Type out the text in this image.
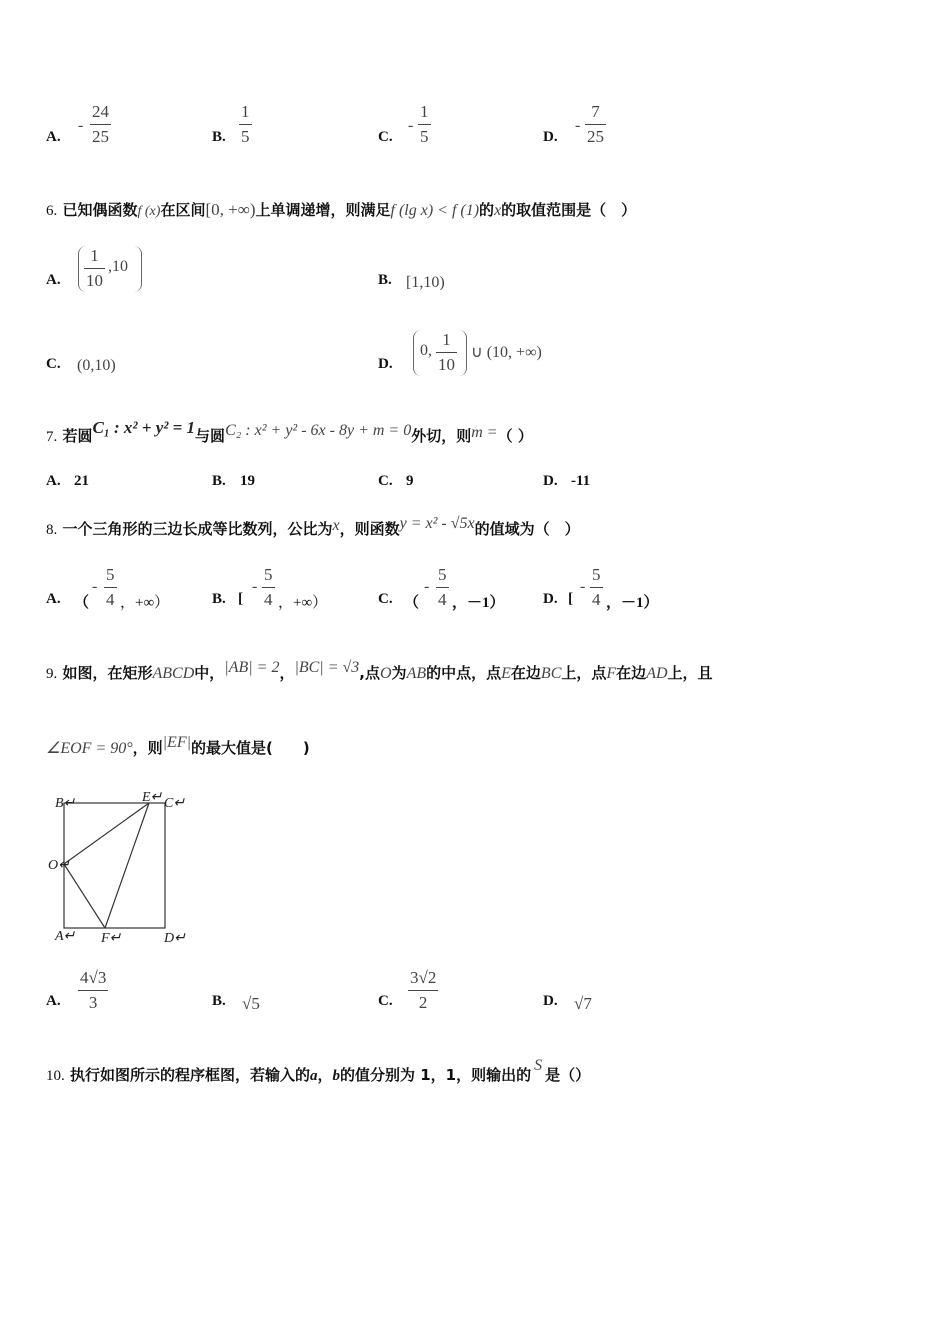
A.
-
24
25	B.
1
5	C.
-
1
5	D.
-
7
25
6. 已知偶函数f (x)在区间[0, +∞)上单调递增，则满足f (lg x) < f (1)的x的取值范围是（　）
A.
1
10
,10
B. [1,10)
C. (0,10)	D.
0,
1
10
∪ (10, +∞)
7. 若圆C₁ : x² + y² = 1与圆C₂ : x² + y² - 6x - 8y + m = 0外切，则m =（ ）
A. 21	B. 19	C. 9	D. -11
8. 一个三角形的三边长成等比数列，公比为x，则函数y = x² - √5x的值域为（　）
A. （
-
5
4 ，+∞）	B. [
-
5
4 ，+∞）	C. （
-
5
4 ，－1）	D. [
-
5
4 ，－1）
9. 如图，在矩形ABCD中，|AB| = 2，|BC| = √3,点O为AB的中点，点E在边BC上，点F在边AD上，且
∠EOF = 90°，则|EF|的最大值是(　　)
B↵	E↵ C↵
O↵
A↵ F↵	D↵
A.
4√3
3	B. √5	C.
3√2
2	D. √7
10. 执行如图所示的程序框图，若输入的a，b的值分别为 1，1，则输出的S是（）
